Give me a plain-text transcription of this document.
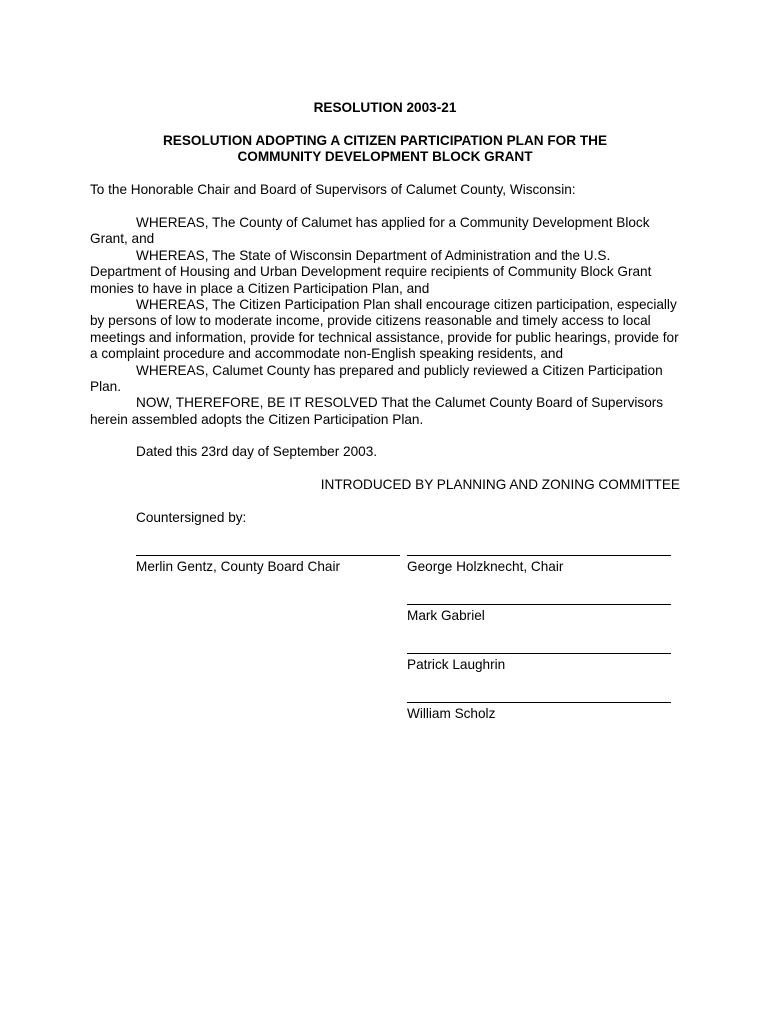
RESOLUTION 2003-21
RESOLUTION ADOPTING A CITIZEN PARTICIPATION PLAN FOR THE
COMMUNITY DEVELOPMENT BLOCK GRANT
To the Honorable Chair and Board of Supervisors of Calumet County, Wisconsin:

WHEREAS, The County of Calumet has applied for a Community Development Block Grant, and

WHEREAS, The State of Wisconsin Department of Administration and the U.S. Department of Housing and Urban Development require recipients of Community Block Grant monies to have in place a Citizen Participation Plan, and

WHEREAS, The Citizen Participation Plan shall encourage citizen participation, especially by persons of low to moderate income, provide citizens reasonable and timely access to local meetings and information, provide for technical assistance, provide for public hearings, provide for a complaint procedure and accommodate non-English speaking residents, and

WHEREAS, Calumet County has prepared and publicly reviewed a Citizen Participation Plan.

NOW, THEREFORE, BE IT RESOLVED That the Calumet County Board of Supervisors herein assembled adopts the Citizen Participation Plan.

Dated this 23rd day of September 2003.
INTRODUCED BY PLANNING AND ZONING COMMITTEE
Countersigned by:
Merlin Gentz, County Board Chair	George Holzknecht, Chair
Mark Gabriel
Patrick Laughrin
William Scholz
